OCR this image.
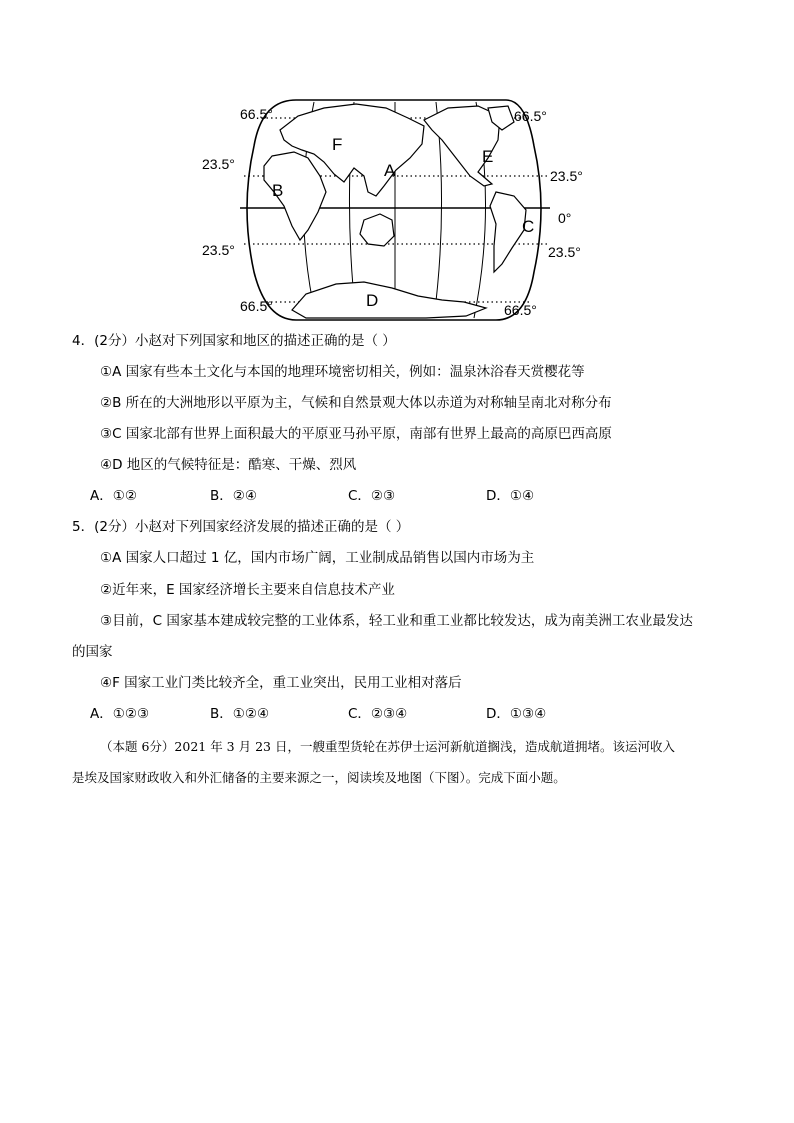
66.5°	66.5°
23.5°
23.5°
0°
23.5°	23.5°
66.5°	66.5°
F
A
E
B
C
D
4．(2分）小赵对下列国家和地区的描述正确的是（ ）
①A 国家有些本土文化与本国的地理环境密切相关，例如：温泉沐浴春天赏樱花等
②B 所在的大洲地形以平原为主，气候和自然景观大体以赤道为对称轴呈南北对称分布
③C 国家北部有世界上面积最大的平原亚马孙平原，南部有世界上最高的高原巴西高原
④D 地区的气候特征是：酷寒、干燥、烈风
A．①②	B．②④	C．②③	D．①④
5．(2分）小赵对下列国家经济发展的描述正确的是（ ）
①A 国家人口超过 1 亿，国内市场广阔，工业制成品销售以国内市场为主
②近年来，E 国家经济增长主要来自信息技术产业
③目前，C 国家基本建成较完整的工业体系，轻工业和重工业都比较发达，成为南美洲工农业最发达
的国家
④F 国家工业门类比较齐全，重工业突出，民用工业相对落后
A．①②③	B．①②④	C．②③④	D．①③④
（本题 6分）2021 年 3 月 23 日，一艘重型货轮在苏伊士运河新航道搁浅，造成航道拥堵。该运河收入
是埃及国家财政收入和外汇储备的主要来源之一，阅读埃及地图（下图）。完成下面小题。
